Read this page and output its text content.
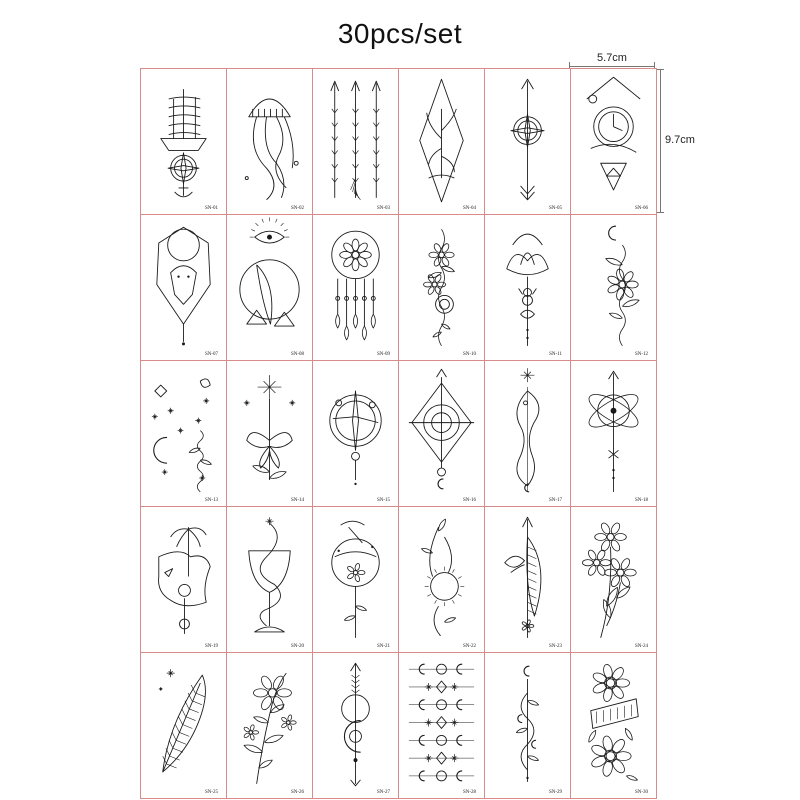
30pcs/set
5.7cm
9.7cm
SN-01	SN-02	SN-03	SN-04	SN-05	SN-06
SN-07	SN-08	SN-09	SN-10	SN-11	SN-12
SN-13	SN-14	SN-15	SN-16	SN-17	SN-18
SN-19	SN-20	SN-21	SN-22	SN-23	SN-24
SN-25	SN-26	SN-27	SN-28	SN-29	SN-30
